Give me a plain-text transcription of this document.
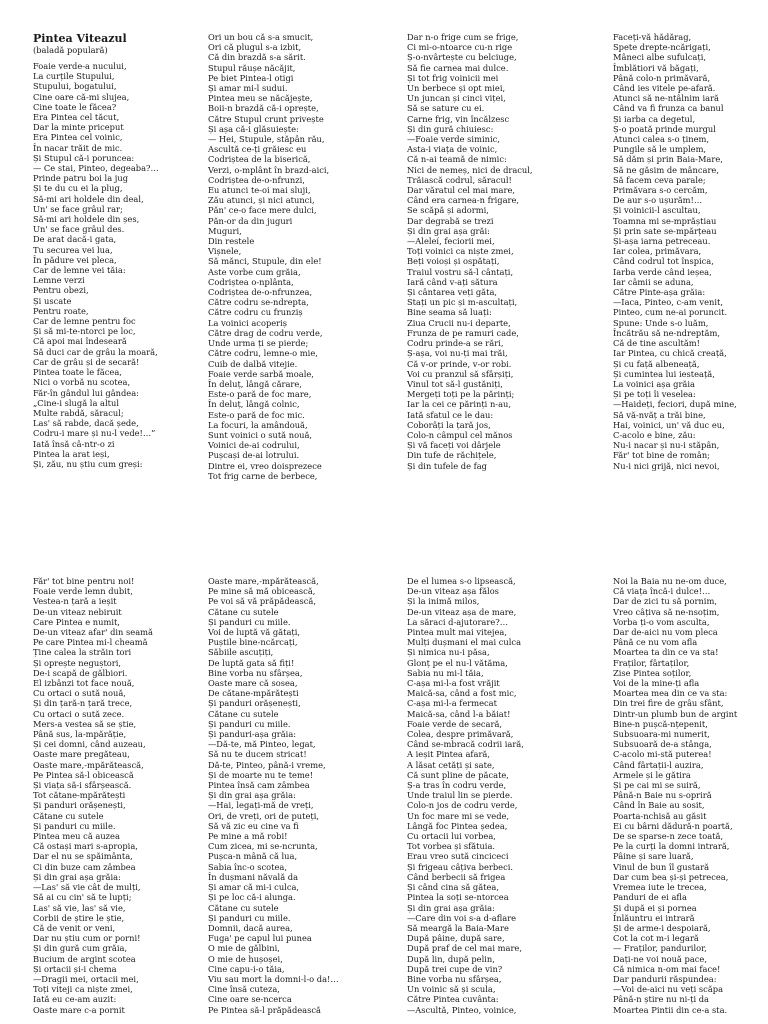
Pintea Viteazul
(baladă populară)
Foaie verde-a nucului,
La curțile Stupului,
Stupului, bogatului,
Cine oare că-mi slujea,
Cine toate le făcea?
Era Pintea cel tăcut,
Dar la minte priceput
Era Pintea cel voinic,
În nacar trăit de mic.
Și Stupul că-i poruncea:
— Ce stai, Pinteo, degeaba?…
Prinde patru boi la jug
Și te du cu ei la plug,
Să-mi ari holdele din deal,
Un' se face grâul rar;
Să-mi ari holdele din șes,
Un' se face grâul des.
De arat dacă-i gata,
Tu securea vei lua,
În pădure vei pleca,
Car de lemne vei tăia:
Lemne verzi
Pentru obezi,
Și uscate
Pentru roate,
Car de lemne pentru foc
Și să mi-te-ntorci pe loc,
Că apoi mai îndeseară
Să duci car de grâu la moară,
Car de grâu și de secară!
Pintea toate le făcea,
Nici o vorbă nu scotea,
Făr-în gândul lui gândea:
„Cine-i slugă la altul
Multe rabdă, săracul;
Las' să rabde, dacă șede,
Codru-i mare și nu-l vede!…”
Iată însă câ-ntr-o zi
Pintea la arat ieși,
Și, zău, nu știu cum greși:
Ori un bou că s-a smucit,
Ori că plugul s-a izbit,
Că din brazdă s-a sărit.
Stupul răușe năcăjit,
Pe biet Pintea-l otigi
Și amar mi-l sudui.
Pintea meu se năcăjește,
Boii-n brazdă că-i oprește,
Către Stupul crunt privește
Și așa că-i glăsuiește:
— Hei, Stupule, stăpân rău,
Ascultă ce-ți grăiesc eu
Codrișteа de la biserică,
Verzi, o-mplânt în brazd-aici,
Codriștea de-o-nfrunzi,
Eu atunci te-oi mai sluji,
Zău atunci, și nici atunci,
Păn' ce-o face mere dulci,
Păn-or da din juguri
Muguri,
Din restele
Vișnele,
Să mănci, Stupule, din ele!
Aste vorbe cum grăia,
Codriștea o-nplânta,
Codriștea de-o-nfrunzea,
Către codru se-ndrepta,
Către codru cu frunziș
La voinici acoperiș
Către drag de codru verde,
Unde urma ți se pierde;
Către codru, lemne-o mie,
Cuib de dalbă vitejie.
Foaie verde sarbă moale,
În deluț, lângă cărare,
Este-o pară de foc mare,
În deluț, lângă colnic,
Este-o pară de foc mic.
La focuri, la amândouă,
Sunt voinici o sută nouă,
Voinici de-ai codrului,
Pușcași de-ai lotrului.
Dintre ei, vreo doisprezece
Tot frig carne de berbece,
Dar n-o frige cum se frige,
Ci mi-o-ntoarce cu-n rige
Ș-o-nvârtește cu belciuge,
Să fie carnea mai dulce.
Și tot frig voinicii mei
Un berbece și opt miei,
Un juncan și cinci viței,
Să se sature cu ei.
Carne frig, vin încălzesc
Și din gură chiuiesc:
—Foaie verde siminic,
Asta-i viața de voinic,
Că n-ai teamă de nimic:
Nici de nemeș, nici de dracul,
Trăiască codrul, săracul!
Dar văratul cel mai mare,
Când era carnea-n frigare,
Se scăpă și adormi,
Dar degrabă se trezi
Și din grai așa grăi:
—Aleleí, feciorii mei,
Toți voinici ca niște zmei,
Beți voioși și ospătați,
Traiul vostru să-l cântați,
Iară când v-ați sătura
Și cântarea veți găta,
Stați un pic și m-ascultați,
Bine seama să luați:
Ziua Crucii nu-i departe,
Frunza de pe ramuri cade,
Codru prinde-a se rări,
Ș-așa, voi nu-ți mai trăi,
Că v-or prinde, v-or robi.
Voi cu pranzul să sfârșiți,
Vinul tot să-l gustăniți,
Mergeți toți pe la părinți;
Iar la cei ce părinți n-au,
Iată sfatul ce le dau:
Coborâți la țară jos,
Colo-n câmpul cel mănos
Și vă faceți voi dârjele
Din tufe de răchițele,
Și din tufele de fag
Faceți-vă hădărag,
Spete dreptе-ncărigați,
Mâneci albe sufulcați,
Îmblătiori vă băgați,
Până colo-n primăvară,
Când ies vitele pe-afară.
Atunci să ne-ntâlnim iară
Când va fi frunza ca banul
Și iarba ca degetul,
Ș-o poată prinde murgul
Atunci calea s-o ținem,
Pungile să le umplem,
Să dăm și prin Baia-Mare,
Să ne găsim de mâncare,
Să facem ceva parale;
Primăvara s-o cercăm,
De aur s-o ușurăm!…
Și voinicii-l ascultau,
Toamna mi se-mprăștiau
Și prin sate se-mpărțeau
Și-așa iarna petreceau.
Iar colea, primăvara,
Când codrul tot înspica,
Iarba verde când ieșea,
Iar câmii se aduna,
Către Pinte-așa grăia:
—Iaca, Pinteo, c-am venit,
Pinteo, cum ne-ai poruncit.
Spune: Unde s-o luăm,
Încătrău să ne-ndreptăm,
Că de tine ascultăm!
Iar Pintea, cu chică creață,
Și cu față albeneață,
Și cuminteа lui iesteață,
La voinici așa grăia
Și pe toți îi veselea:
—Haideți, feciori, după mine,
Să vă-nvăț a trăi bine,
Hai, voinici, un' vă duc eu,
C-acolo e bine, zău:
Nu-i nacar și nu-i stăpân,
Făr' tot bine de român;
Nu-i nici grijă, nici nevoi,
Făr' tot bine pentru noi!
Foaie verde lemn dubit,
Vestea-n țară a ieșit
De-un viteaz nebiruit
Care Pintea e numit,
De-un viteaz afar' din seamă
Pe care Pintea mi-l cheamă
Ține calea la străin tori
Și oprește neguṣtori,
De-i scapă de gălbiori.
El izbânzi tot face nouă,
Cu ortaci o sută nouă,
Și din țară-n țară trece,
Cu ortaci o sută zece.
Mers-a vestea să se știe,
Până sus, la-mpărăție,
Și cei domni, când auzeau,
Oaste mare pregăteau,
Oaste mare,-mpărătească,
Pe Pintea să-l obicească
Și viața să-i sfârșească.
Tot cătane-mpărătești
Și panduri orășenești,
Cătane cu sutele
Și panduri cu miile.
Pintea meu că auzea
Că ostași mari s-apropia,
Dar el nu se spăimânta,
Ci din buze cam zâmbea
Și din grai așa grăia:
—Las' să vie cât de mulți,
Să ai cu cin' să te lupți;
Las' să vie, las' să vie,
Corbii de știre le știe,
Că de venit or veni,
Dar nu știu cum or porni!
Și din gură cum grăia,
Bucium de argint scotea
Și ortacii și-i chema
—Dragii mei, ortacii mei,
Toți viteji ca niște zmei,
Iată eu ce-am auzit:
Oaste mare c-a pornit
Oaste mare,-mpărătească,
Pe mine să mă obicească,
Pe voi să vă prăpădească,
Cătane cu sutele
Și panduri cu miile.
Voi de luptă vă gătați,
Puștile bine-ncărcați,
Săbiile ascuțiți,
De luptă gata să fiți!
Bine vorba nu sfârșea,
Oaste mare că sosea,
De cătane-mpărătești
Și panduri orășenești,
Cătane cu sutele
Și panduri cu miile.
Și panduri-așa grăia:
—Dă-te, mă Pinteo, legat,
Să nu te ducem stricat!
Dă-te, Pinteo, până-i vreme,
Și de moarte nu te teme!
Pintea însă cam zâmbea
Și din grai așa grăia:
—Hai, legați-mă de vreți,
Ori, de vreți, ori de puteți,
Să vă zic eu cine va fi
Pe mine a mă robi!
Cum zicea, mi se-ncrunta,
Pușca-n mână că lua,
Sabia înc-o scotea,
În dușmani năvală da
Și amar că mi-i culca,
Și pe loc că-i alunga.
Cătane cu sutele
Și panduri cu miile.
Domnii, dacă aurea,
Fuga' pe capul lui punea
O mie de gălbini,
O mie de hușoșei,
Cine capu-i-o tăia,
Viu sau mort la domni-l-o da!…
Cine însă cutеza,
Cine oare se-ncerca
Pe Pintea să-l prăpădească
De el lumea s-o lipsească,
De-un viteaz așa fălos
Și la inimă milos,
De-un viteaz așa de mare,
La săraci d-ajutorare?…
Pintea mult mai vitejea,
Mulți dușmani el mai culca
Și nimica nu-i păsa,
Glonț pe el nu-l vătăma,
Sabia nu mi-l tăia,
C-așa mi-l-a fost vrăjit
Maică-sa, când a fost mic,
C-așa mi-l-a fermecat
Maică-sa, când l-a băiat!
Foaie verde de secară,
Colea, despre primăvară,
Când se-mbracă codrii iară,
A ieșit Pintea afară,
A lăsat cetăți și sate,
Că sunt pline de păcate,
Ș-a tras în codru verde,
Unde traiul lin se pierde.
Colo-n jos de codru verde,
Un foc mare mi se vede,
Lângă foc Pintea ședea,
Cu ortacii lui vorbea,
Tot vorbea și sfătuia.
Erau vreo sută cinciceci
Și frigeau câțiva berbeci.
Când berbecii să frigea
Și când cina să gătea,
Pintea la soți se-ntorcea
Și din grai așa grăia:
—Care din voi s-a d-aflare
Să meargă la Baia-Mare
După pâine, după sare,
După praf de cel mai mare,
După lin, după pelin,
După trei cupe de vin?
Bine vorba nu sfârșea,
Un voinic să și scula,
Către Pintea cuvânta:
—Ascultă, Pinteo, voinice,
Noi la Baia nu ne-om duce,
Că viața încă-i dulce!…
Dar de zici tu să pornim,
Vreo câțiva să ne-nsoțim,
Vorba ți-o vom asculta,
Dar de-aici nu vom pleca
Până ce nu vom afla
Moartea ta din ce va sta!
Fraților, fârtaților,
Zise Pintea soților,
Voi de la mine-ți afla
Moartea mea din ce va sta:
Din trei fire de grâu sfânt,
Dintr-un plumb bun de argint
Bine-n pușcă-nțepenit,
Subsuoara-mi numerit,
Subsuoară de-a stânga,
C-acolo mi-stă puterea!
Când fârtații-l auzira,
Armele și le gătira
Și pe cai mi se suiră,
Până-n Baie nu s-opriră
Când în Baie au sosit,
Poarta-nchisă au găsit
Ei cu bârni dădură-n poartă,
De se sparse-n zece toată,
Pe la curți la domni intrară,
Pâine și sare luară,
Vinul de bun îl gustară
Dar cum bea și-și petrecea,
Vremea iute le trecea,
Panduri de ei afla
Și după ei și pornea
Înlăuntru ei intrară
Și de arme-i despoiară,
Cot la cot m-i legară
— Fraților, pandurilor,
Dați-ne voi nouă pace,
Că nimica n-om mai face!
Dar pandurii răspundea:
—Voi de-aici nu veți scăpa
Până-n știre nu ni-ți da
Moartea Pintii din ce-a sta.
